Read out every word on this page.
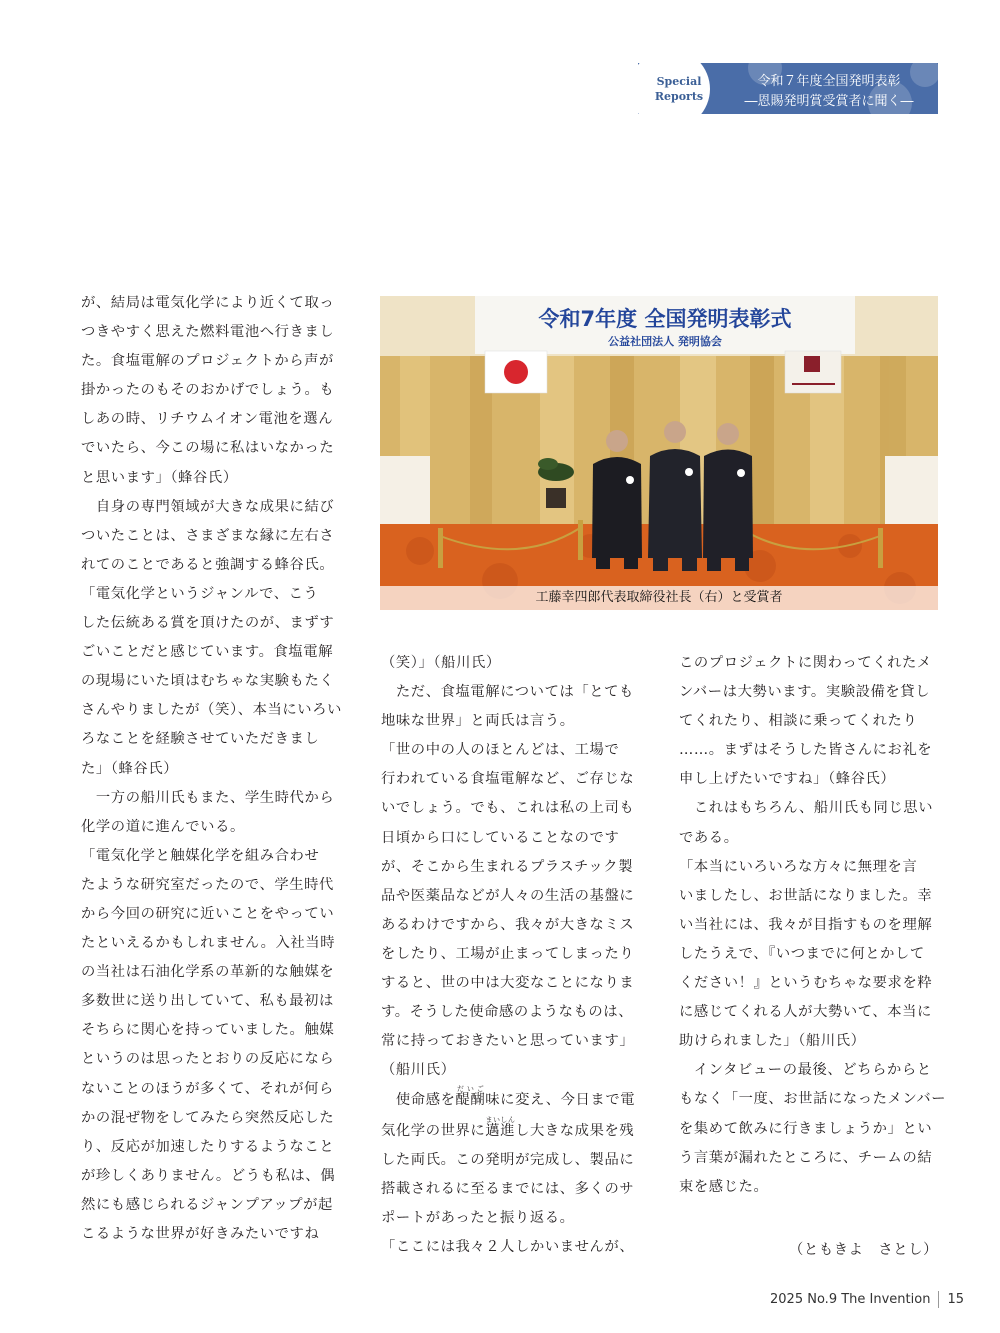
Special
Reports
令和７年度全国発明表彰
―恩賜発明賞受賞者に聞く―
令和7年度 全国発明表彰式
公益社団法人 発明協会
工藤幸四郎代表取締役社長（右）と受賞者

が、結局は電気化学により近くて取っ

つきやすく思えた燃料電池へ行きまし

た。食塩電解のプロジェクトから声が

掛かったのもそのおかげでしょう。も

しあの時、リチウムイオン電池を選ん

でいたら、今この場に私はいなかった

と思います」（蜂谷氏）

　自身の専門領域が大きな成果に結び

ついたことは、さまざまな縁に左右さ

れてのことであると強調する蜂谷氏。

「電気化学というジャンルで、こう

した伝統ある賞を頂けたのが、まずす

ごいことだと感じています。食塩電解

の現場にいた頃はむちゃな実験もたく

さんやりましたが（笑）、本当にいろい

ろなことを経験させていただきまし

た」（蜂谷氏）

　一方の船川氏もまた、学生時代から

化学の道に進んでいる。

「電気化学と触媒化学を組み合わせ

たような研究室だったので、学生時代

から今回の研究に近いことをやってい

たといえるかもしれません。入社当時

の当社は石油化学系の革新的な触媒を

多数世に送り出していて、私も最初は

そちらに関心を持っていました。触媒

というのは思ったとおりの反応になら

ないことのほうが多くて、それが何ら

かの混ぜ物をしてみたら突然反応した

り、反応が加速したりするようなこと

が珍しくありません。どうも私は、偶

然にも感じられるジャンプアップが起

こるような世界が好きみたいですね

（笑）」（船川氏）

　ただ、食塩電解については「とても

地味な世界」と両氏は言う。

「世の中の人のほとんどは、工場で

行われている食塩電解など、ご存じな

いでしょう。でも、これは私の上司も

日頃から口にしていることなのです

が、そこから生まれるプラスチック製

品や医薬品などが人々の生活の基盤に

あるわけですから、我々が大きなミス

をしたり、工場が止まってしまったり

すると、世の中は大変なことになりま

す。そうした使命感のようなものは、

常に持っておきたいと思っています」

（船川氏）

　使命感を醍醐だいご味に変え、今日まで電

気化学の世界に邁まい進しんし大きな成果を残

した両氏。この発明が完成し、製品に

搭載されるに至るまでには、多くのサ

ポートがあったと振り返る。

「ここには我々２人しかいませんが、

このプロジェクトに関わってくれたメ

ンバーは大勢います。実験設備を貸し

てくれたり、相談に乗ってくれたり

……。まずはそうした皆さんにお礼を

申し上げたいですね」（蜂谷氏）

　これはもちろん、船川氏も同じ思い

である。

「本当にいろいろな方々に無理を言

いましたし、お世話になりました。幸

い当社には、我々が目指すものを理解

したうえで、『いつまでに何とかして

ください！』というむちゃな要求を粋

に感じてくれる人が大勢いて、本当に

助けられました」（船川氏）

　インタビューの最後、どちらからと

もなく「一度、お世話になったメンバー

を集めて飲みに行きましょうか」とい

う言葉が漏れたところに、チームの結

束を感じた。

（ともきよ　さとし）
2025 No.9 The Invention 15
